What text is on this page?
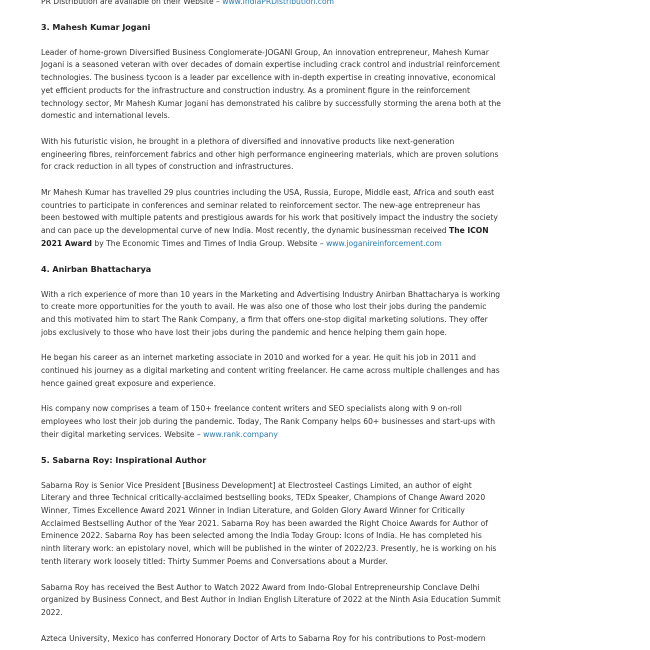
PR Distribution are available on their Website – www.IndiaPRDistribution.com

3. Mahesh Kumar Jogani

Leader of home-grown Diversified Business Conglomerate-JOGANI Group, An innovation entrepreneur, Mahesh Kumar Jogani is a seasoned veteran with over decades of domain expertise including crack control and industrial reinforcement technologies. The business tycoon is a leader par excellence with in-depth expertise in creating innovative, economical yet efficient products for the infrastructure and construction industry. As a prominent figure in the reinforcement technology sector, Mr Mahesh Kumar Jogani has demonstrated his calibre by successfully storming the arena both at the domestic and international levels.

With his futuristic vision, he brought in a plethora of diversified and innovative products like next-generation engineering fibres, reinforcement fabrics and other high performance engineering materials, which are proven solutions for crack reduction in all types of construction and infrastructures.

Mr Mahesh Kumar has travelled 29 plus countries including the USA, Russia, Europe, Middle east, Africa and south east countries to participate in conferences and seminar related to reinforcement sector. The new-age entrepreneur has been bestowed with multiple patents and prestigious awards for his work that positively impact the industry the society and can pace up the developmental curve of new India. Most recently, the dynamic businessman received The ICON 2021 Award by The Economic Times and Times of India Group. Website – www.joganireinforcement.com

4. Anirban Bhattacharya

With a rich experience of more than 10 years in the Marketing and Advertising Industry Anirban Bhattacharya is working to create more opportunities for the youth to avail. He was also one of those who lost their jobs during the pandemic and this motivated him to start The Rank Company, a firm that offers one-stop digital marketing solutions. They offer jobs exclusively to those who have lost their jobs during the pandemic and hence helping them gain hope.

He began his career as an internet marketing associate in 2010 and worked for a year. He quit his job in 2011 and continued his journey as a digital marketing and content writing freelancer. He came across multiple challenges and has hence gained great exposure and experience.

His company now comprises a team of 150+ freelance content writers and SEO specialists along with 9 on-roll employees who lost their job during the pandemic. Today, The Rank Company helps 60+ businesses and start-ups with their digital marketing services. Website – www.rank.company

5. Sabarna Roy: Inspirational Author

Sabarna Roy is Senior Vice President [Business Development] at Electrosteel Castings Limited, an author of eight Literary and three Technical critically-acclaimed bestselling books, TEDx Speaker, Champions of Change Award 2020 Winner, Times Excellence Award 2021 Winner in Indian Literature, and Golden Glory Award Winner for Critically Acclaimed Bestselling Author of the Year 2021. Sabarna Roy has been awarded the Right Choice Awards for Author of Eminence 2022. Sabarna Roy has been selected among the India Today Group: Icons of India. He has completed his ninth literary work: an epistolary novel, which will be published in the winter of 2022/23. Presently, he is working on his tenth literary work loosely titled: Thirty Summer Poems and Conversations about a Murder.

Sabarna Roy has received the Best Author to Watch 2022 Award from Indo-Global Entrepreneurship Conclave Delhi organized by Business Connect, and Best Author in Indian English Literature of 2022 at the Ninth Asia Education Summit 2022.

Azteca University, Mexico has conferred Honorary Doctor of Arts to Sabarna Roy for his contributions to Post-modern
